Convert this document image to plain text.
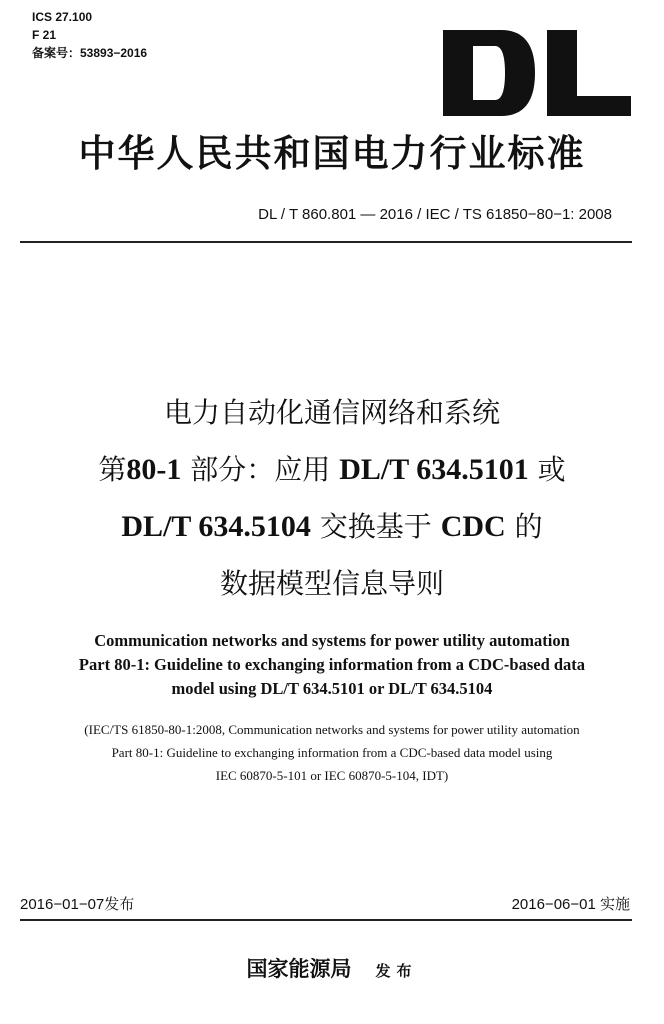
ICS 27.100
F 21
备案号：53893−2016
中华人民共和国电力行业标准
DL / T 860.801 — 2016 / IEC / TS 61850−80−1: 2008
电力自动化通信网络和系统
第80-1 部分：应用 DL/T 634.5101 或
DL/T 634.5104 交换基于 CDC 的
数据模型信息导则
Communication networks and systems for power utility automation
Part 80-1: Guideline to exchanging information from a CDC-based data
model using DL/T 634.5101 or DL/T 634.5104
(IEC/TS 61850-80-1:2008, Communication networks and systems for power utility automation
Part 80-1: Guideline to exchanging information from a CDC-based data model using
IEC 60870-5-101 or IEC 60870-5-104, IDT)
2016−01−07发布	2016−06−01 实施
国家能源局 发布
